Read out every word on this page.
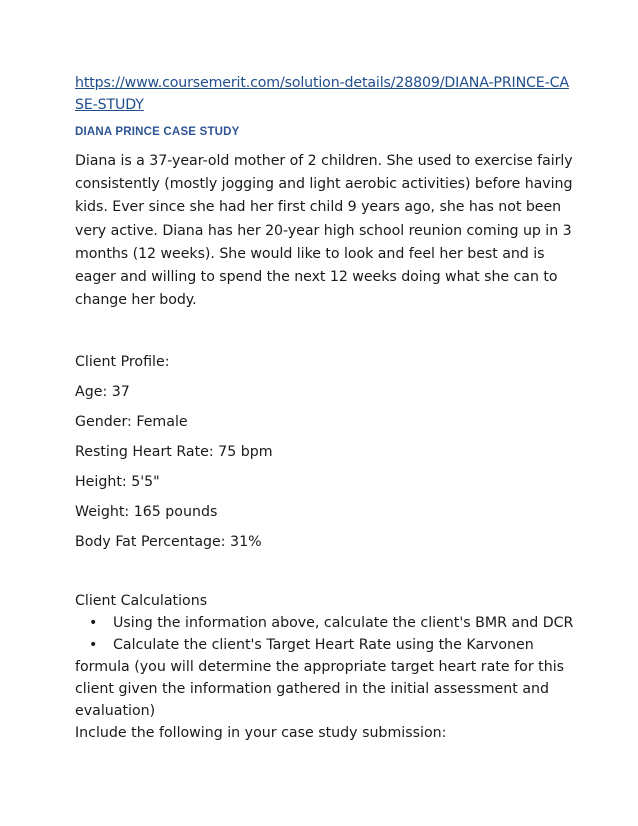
https://www.coursemerit.com/solution-details/28809/DIANA-PRINCE-CASE-STUDY
DIANA PRINCE CASE STUDY
Diana is a 37-year-old mother of 2 children. She used to exercise fairly consistently (mostly jogging and light aerobic activities) before having kids. Ever since she had her first child 9 years ago, she has not been very active. Diana has her 20-year high school reunion coming up in 3 months (12 weeks). She would like to look and feel her best and is eager and willing to spend the next 12 weeks doing what she can to change her body.
Client Profile:
Age: 37
Gender: Female
Resting Heart Rate: 75 bpm
Height: 5'5"
Weight: 165 pounds
Body Fat Percentage: 31%
Client Calculations
• Using the information above, calculate the client's BMR and DCR
• Calculate the client's Target Heart Rate using the Karvonen formula (you will determine the appropriate target heart rate for this client given the information gathered in the initial assessment and evaluation)
Include the following in your case study submission:
